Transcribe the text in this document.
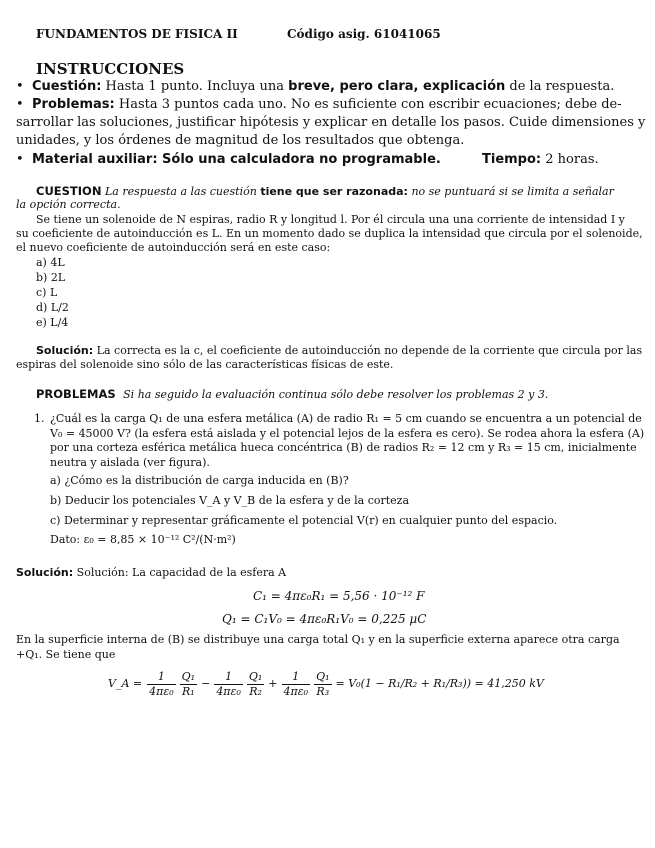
FUNDAMENTOS DE FISICA II	Código asig. 61041065
INSTRUCCIONES
• Cuestión: Hasta 1 punto. Incluya una breve, pero clara, explicación de la respuesta.
• Problemas: Hasta 3 puntos cada uno. No es suficiente con escribir ecuaciones; debe de-
sarrollar las soluciones, justificar hipótesis y explicar en detalle los pasos. Cuide dimensiones y
unidades, y los órdenes de magnitud de los resultados que obtenga.
• Material auxiliar: Sólo una calculadora no programable.	Tiempo: 2 horas.
CUESTION La respuesta a las cuestión tiene que ser razonada: no se puntuará si se limita a señalar
la opción correcta.
Se tiene un solenoide de N espiras, radio R y longitud l. Por él circula una una corriente de intensidad I y
su coeficiente de autoinducción es L. En un momento dado se duplica la intensidad que circula por el solenoide,
el nuevo coeficiente de autoinducción será en este caso:
a) 4L
b) 2L
c) L
d) L/2
e) L/4
Solución: La correcta es la c, el coeficiente de autoinducción no depende de la corriente que circula por las
espiras del solenoide sino sólo de las características físicas de este.
PROBLEMAS Si ha seguido la evaluación continua sólo debe resolver los problemas 2 y 3.
1. ¿Cuál es la carga Q₁ de una esfera metálica (A) de radio R₁ = 5 cm cuando se encuentra a un potencial de
V₀ = 45000 V? (la esfera está aislada y el potencial lejos de la esfera es cero). Se rodea ahora la esfera (A)
por una corteza esférica metálica hueca concéntrica (B) de radios R₂ = 12 cm y R₃ = 15 cm, inicialmente
neutra y aislada (ver figura).
a) ¿Cómo es la distribución de carga inducida en (B)?
b) Deducir los potenciales V_A y V_B de la esfera y de la corteza
c) Determinar y representar gráficamente el potencial V(r) en cualquier punto del espacio.
Dato: ε₀ = 8,85 × 10⁻¹² C²/(N·m²)
Solución: Solución: La capacidad de la esfera A
C₁ = 4πε₀R₁ = 5,56 · 10⁻¹² F
Q₁ = C₁V₀ = 4πε₀R₁V₀ = 0,225 μC
En la superficie interna de (B) se distribuye una carga total Q₁ y en la superficie externa aparece otra carga
+Q₁. Se tiene que
V_A = $\frac{1}{\text{4πε₀}} \frac{\text{Q₁}}{\text{R₁}} - \frac{1}{\text{4πε₀}} \frac{\text{Q₁}}{\text{R₂}} + \frac{1}{\text{4πε₀}} \frac{\text{Q₁}}{\text{R₃}} = V_0(1 - R_1/R_2 + R_1/R_3)) = 41,250$ kV
